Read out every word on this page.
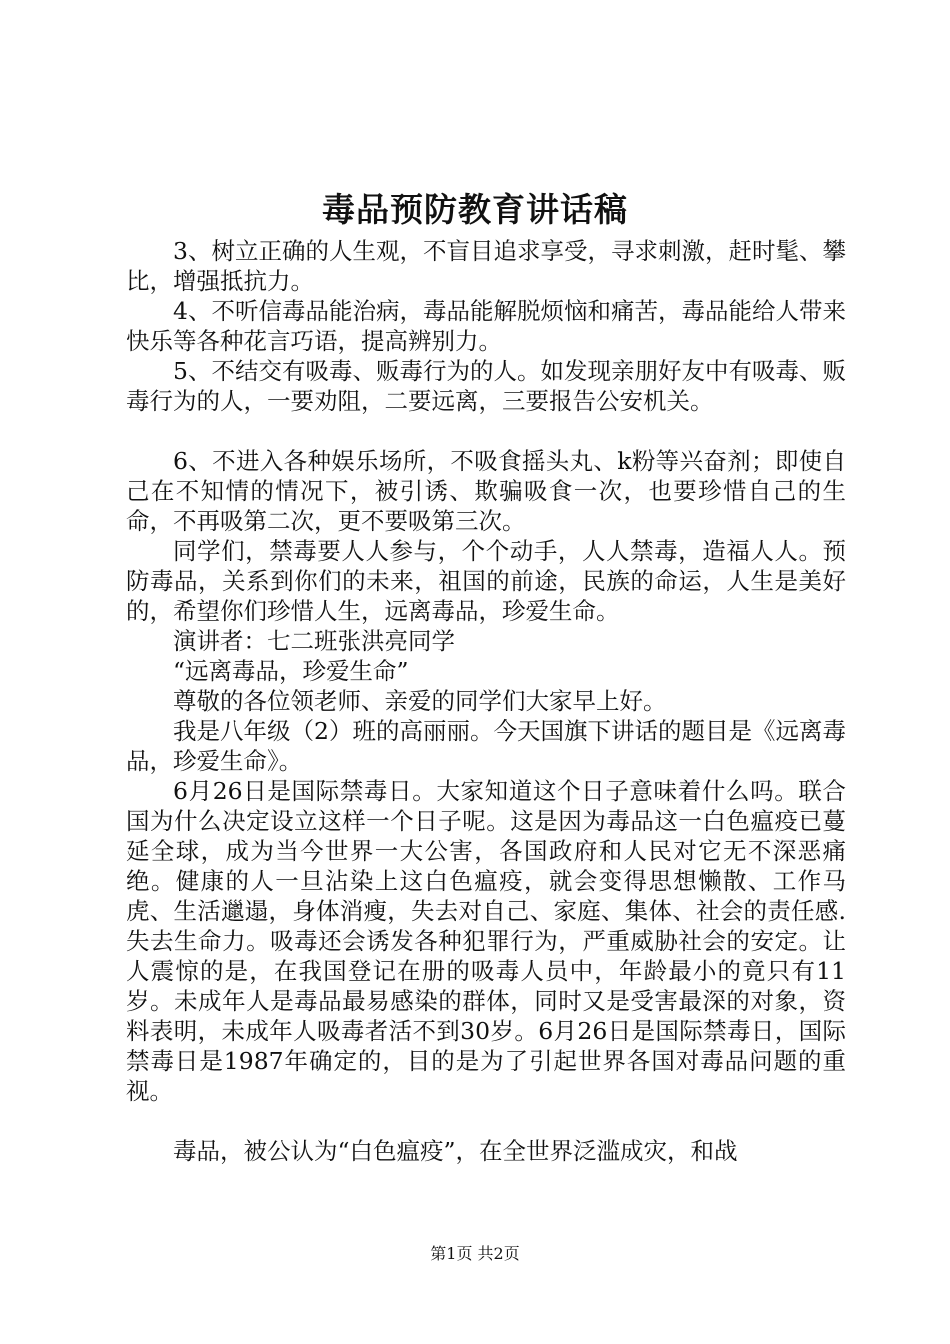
毒品预防教育讲话稿

3、树立正确的人生观，不盲目追求享受，寻求刺激，赶时髦、攀比，增强抵抗力。

4、不听信毒品能治病，毒品能解脱烦恼和痛苦，毒品能给人带来快乐等各种花言巧语，提高辨别力。

5、不结交有吸毒、贩毒行为的人。如发现亲朋好友中有吸毒、贩毒行为的人，一要劝阻，二要远离，三要报告公安机关。

6、不进入各种娱乐场所，不吸食摇头丸、k粉等兴奋剂；即使自己在不知情的情况下，被引诱、欺骗吸食一次，也要珍惜自己的生命，不再吸第二次，更不要吸第三次。

同学们，禁毒要人人参与，个个动手，人人禁毒，造福人人。预防毒品，关系到你们的未来，祖国的前途，民族的命运，人生是美好的，希望你们珍惜人生，远离毒品，珍爱生命。

演讲者：七二班张洪亮同学

“远离毒品，珍爱生命”

尊敬的各位领老师、亲爱的同学们大家早上好。

我是八年级（2）班的高丽丽。今天国旗下讲话的题目是《远离毒品，珍爱生命》。

6月26日是国际禁毒日。大家知道这个日子意味着什么吗。联合国为什么决定设立这样一个日子呢。这是因为毒品这一白色瘟疫已蔓延全球，成为当今世界一大公害，各国政府和人民对它无不深恶痛绝。健康的人一旦沾染上这白色瘟疫，就会变得思想懒散、工作马虎、生活邋遢，身体消瘦，失去对自己、家庭、集体、社会的责任感.失去生命力。吸毒还会诱发各种犯罪行为，严重威胁社会的安定。让人震惊的是，在我国登记在册的吸毒人员中，年龄最小的竟只有11岁。未成年人是毒品最易感染的群体，同时又是受害最深的对象，资料表明，未成年人吸毒者活不到30岁。6月26日是国际禁毒日，国际禁毒日是1987年确定的，目的是为了引起世界各国对毒品问题的重视。

毒品，被公认为“白色瘟疫”，在全世界泛滥成灾，和战

第1页 共2页
